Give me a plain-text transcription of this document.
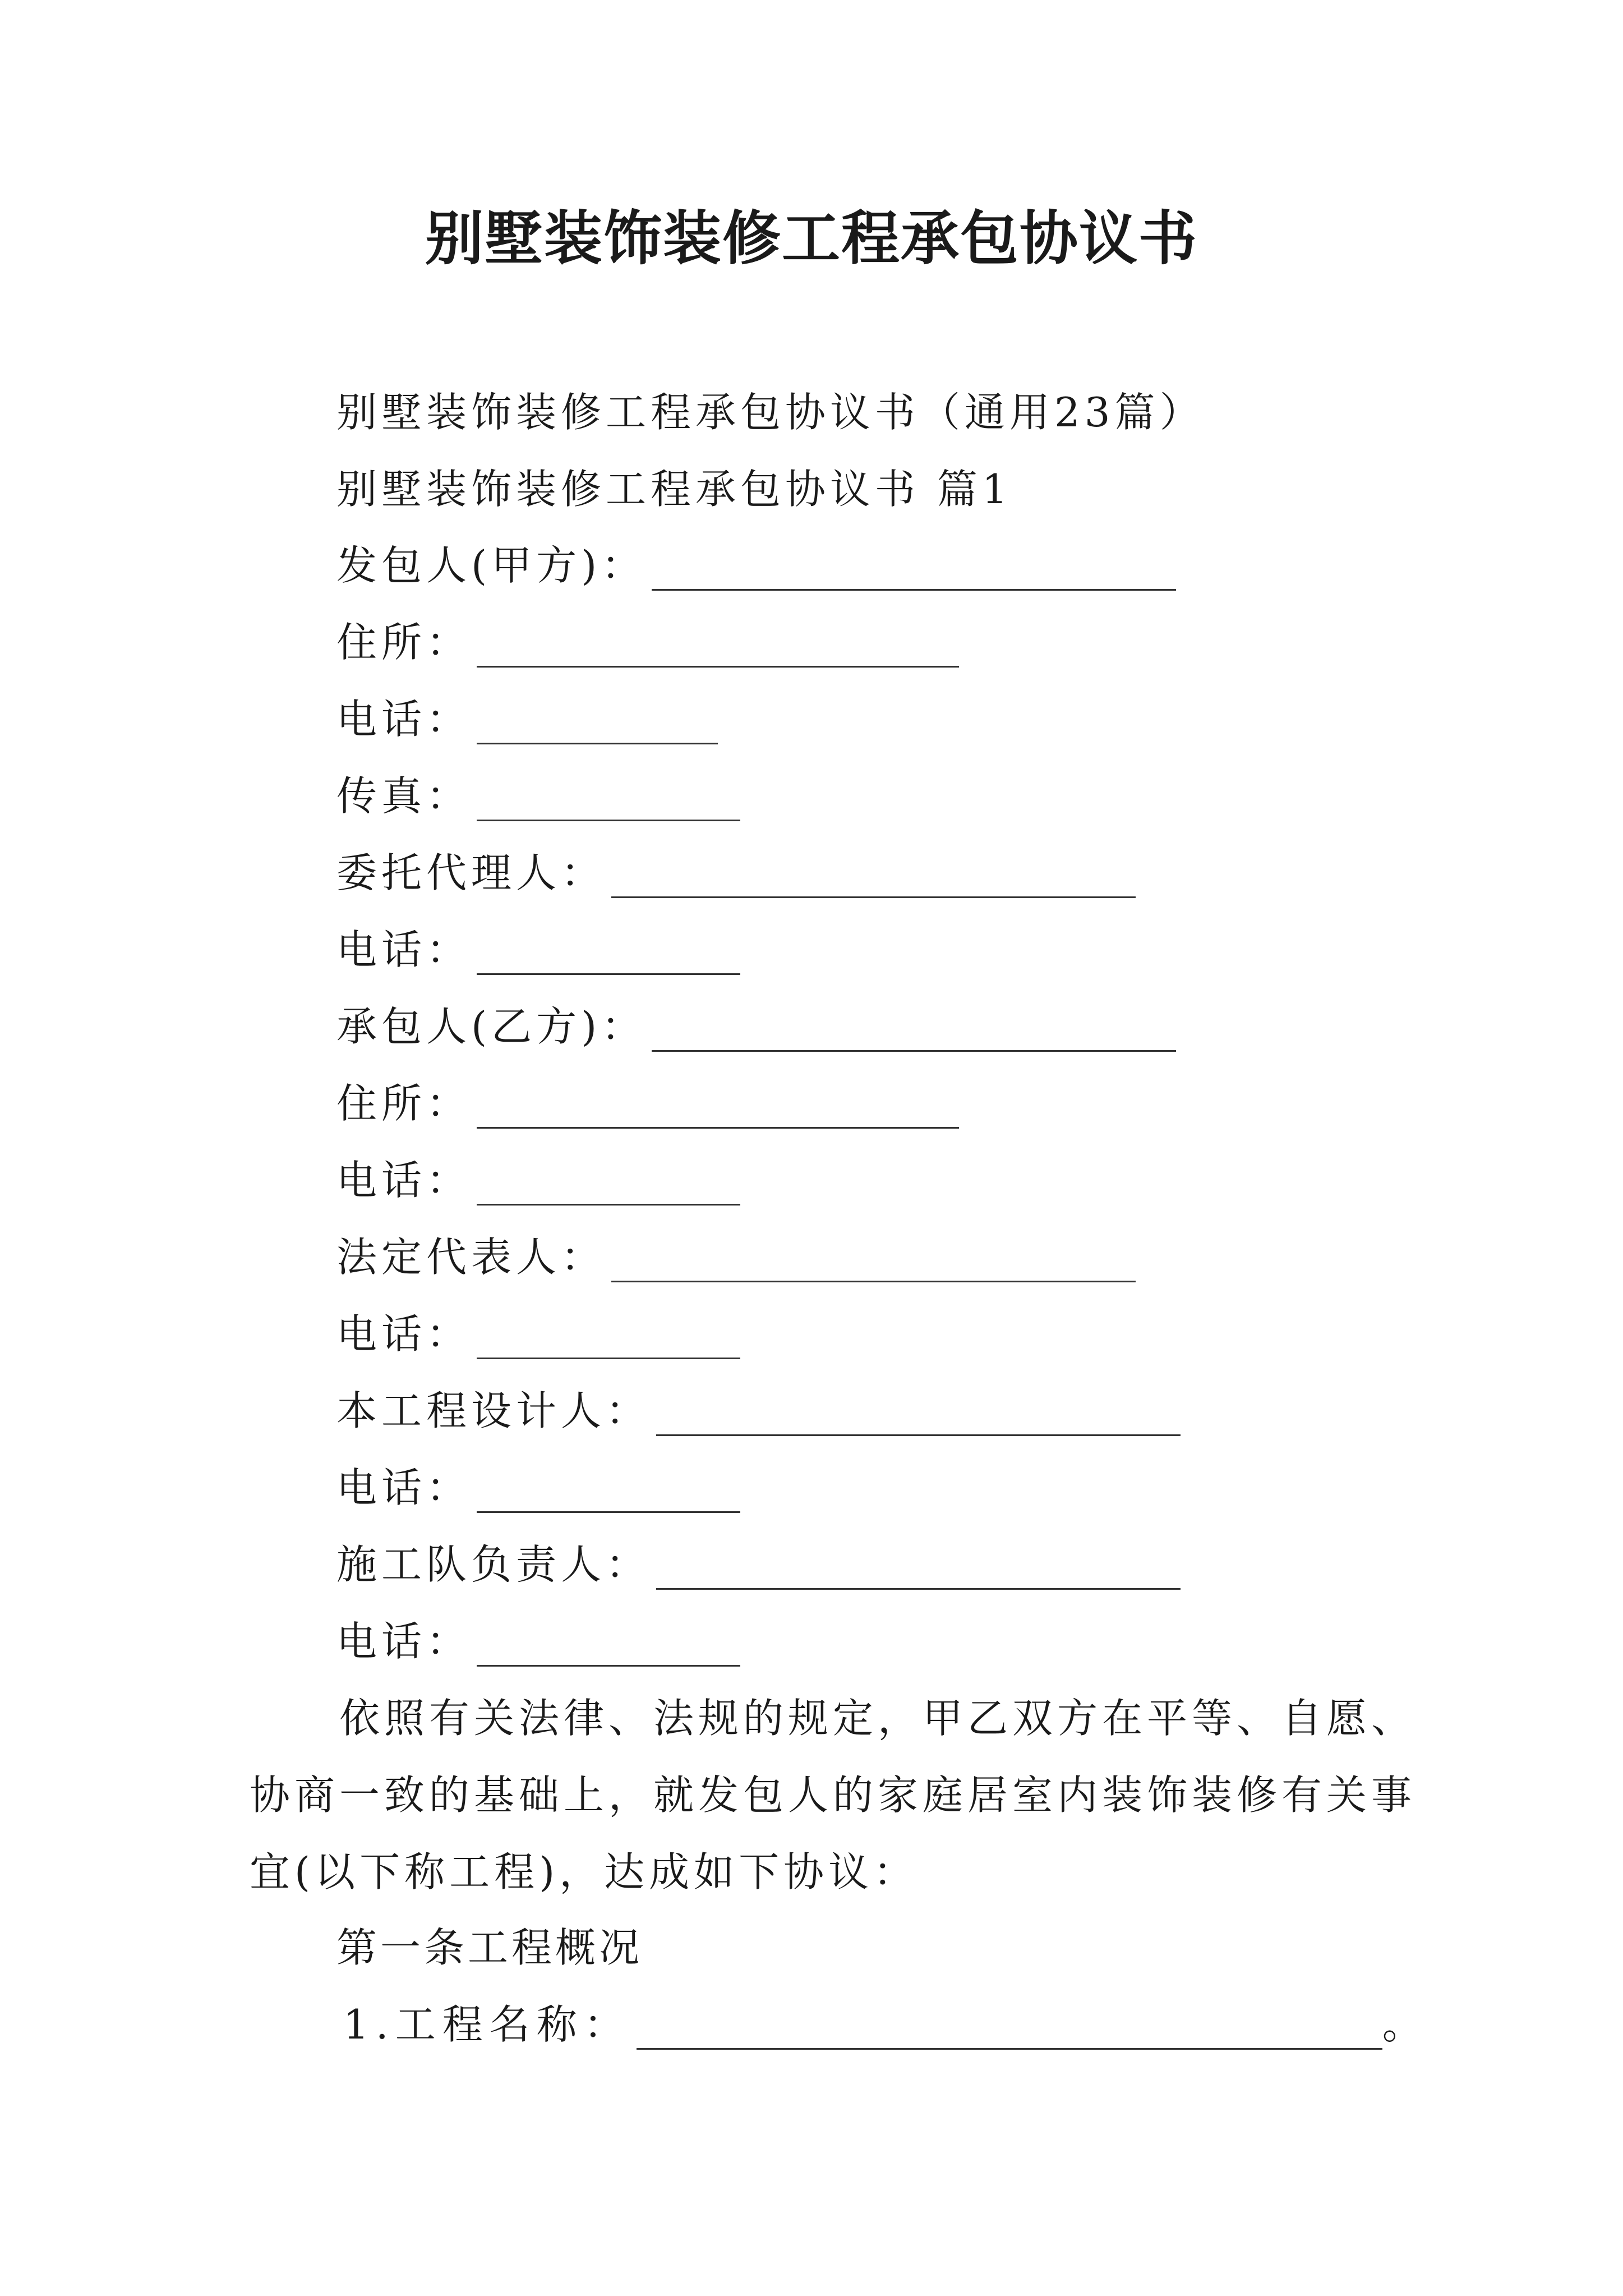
别墅装饰装修工程承包协议书
别墅装饰装修工程承包协议书（通用23篇）
别墅装饰装修工程承包协议书 篇1
发包人(甲方)：
住所：
电话：
传真：
委托代理人：
电话：
承包人(乙方)：
住所：
电话：
法定代表人：
电话：
本工程设计人：
电话：
施工队负责人：
电话：
依照有关法律、法规的规定，甲乙双方在平等、自愿、协商一致的基础上，就发包人的家庭居室内装饰装修有关事宜(以下称工程)，达成如下协议：
第一条工程概况
1.工程名称：	。
